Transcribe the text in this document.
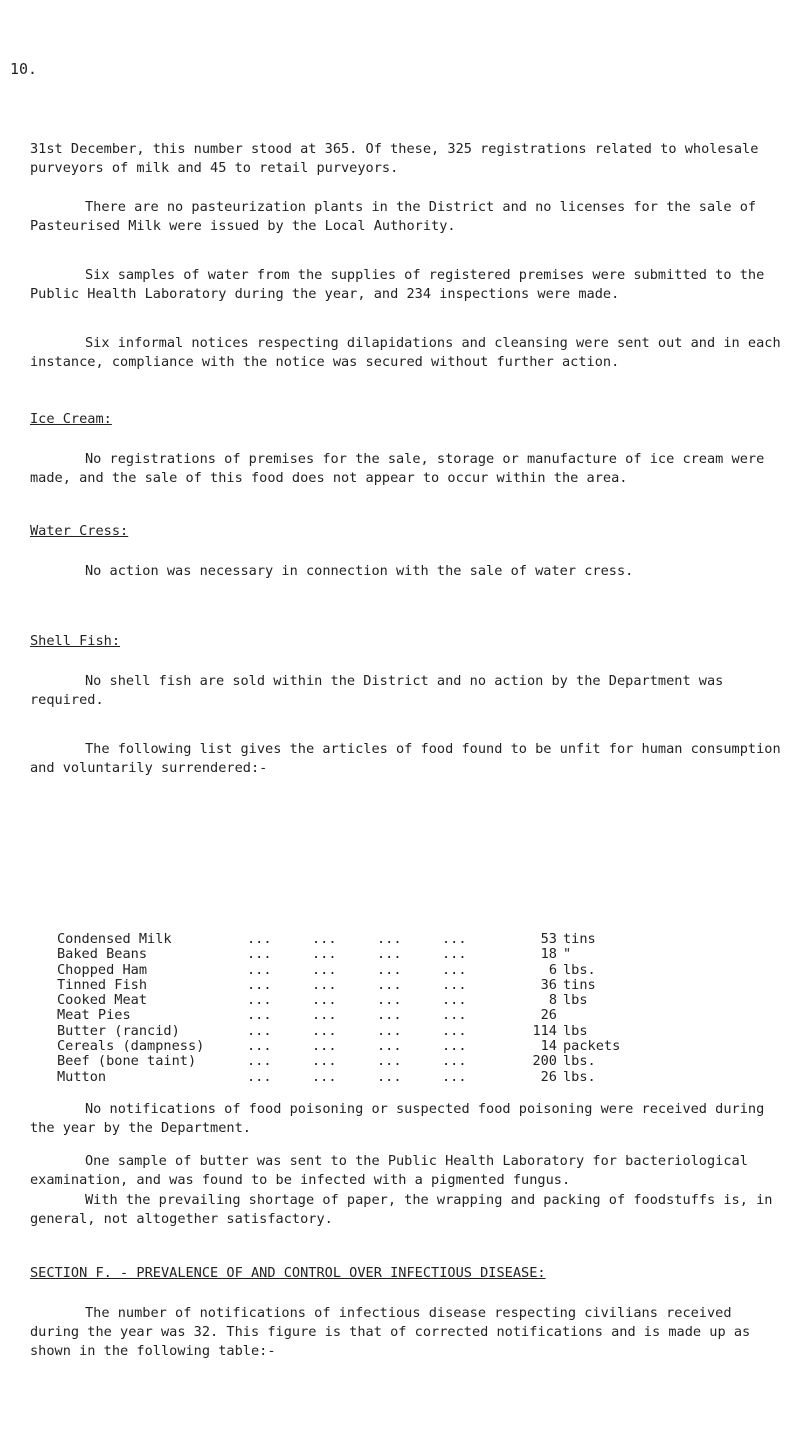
10.

31st December, this number stood at 365. Of these, 325 registrations related to wholesale purveyors of milk and 45 to retail purveyors.

There are no pasteurization plants in the District and no licenses for the sale of Pasteurised Milk were issued by the Local Authority.

Six samples of water from the supplies of registered premises were submitted to the Public Health Laboratory during the year, and 234 inspections were made.

Six informal notices respecting dilapidations and cleansing were sent out and in each instance, compliance with the notice was secured without further action.

Ice Cream:

No registrations of premises for the sale, storage or manufacture of ice cream were made, and the sale of this food does not appear to occur within the area.

Water Cress:

No action was necessary in connection with the sale of water cress.

Shell Fish:

No shell fish are sold within the District and no action by the Department was required.

The following list gives the articles of food found to be unfit for human consumption and voluntarily surrendered:-

Condensed Milk	...	...	...	...	53	tins
Baked Beans	...	...	...	...	18	"
Chopped Ham	...	...	...	...	6	lbs.
Tinned Fish	...	...	...	...	36	tins
Cooked Meat	...	...	...	...	8	lbs
Meat Pies	...	...	...	...	26	
Butter (rancid)	...	...	...	...	114	lbs
Cereals (dampness)	...	...	...	...	14	packets
Beef (bone taint)	...	...	...	...	200	lbs.
Mutton	...	...	...	...	26	lbs.

No notifications of food poisoning or suspected food poisoning were received during the year by the Department.

One sample of butter was sent to the Public Health Laboratory for bacteriological examination, and was found to be infected with a pigmented fungus.

With the prevailing shortage of paper, the wrapping and packing of foodstuffs is, in general, not altogether satisfactory.

SECTION F. - PREVALENCE OF AND CONTROL OVER INFECTIOUS DISEASE:

The number of notifications of infectious disease respecting civilians received during the year was 32. This figure is that of corrected notifications and is made up as shown in the following table:-
